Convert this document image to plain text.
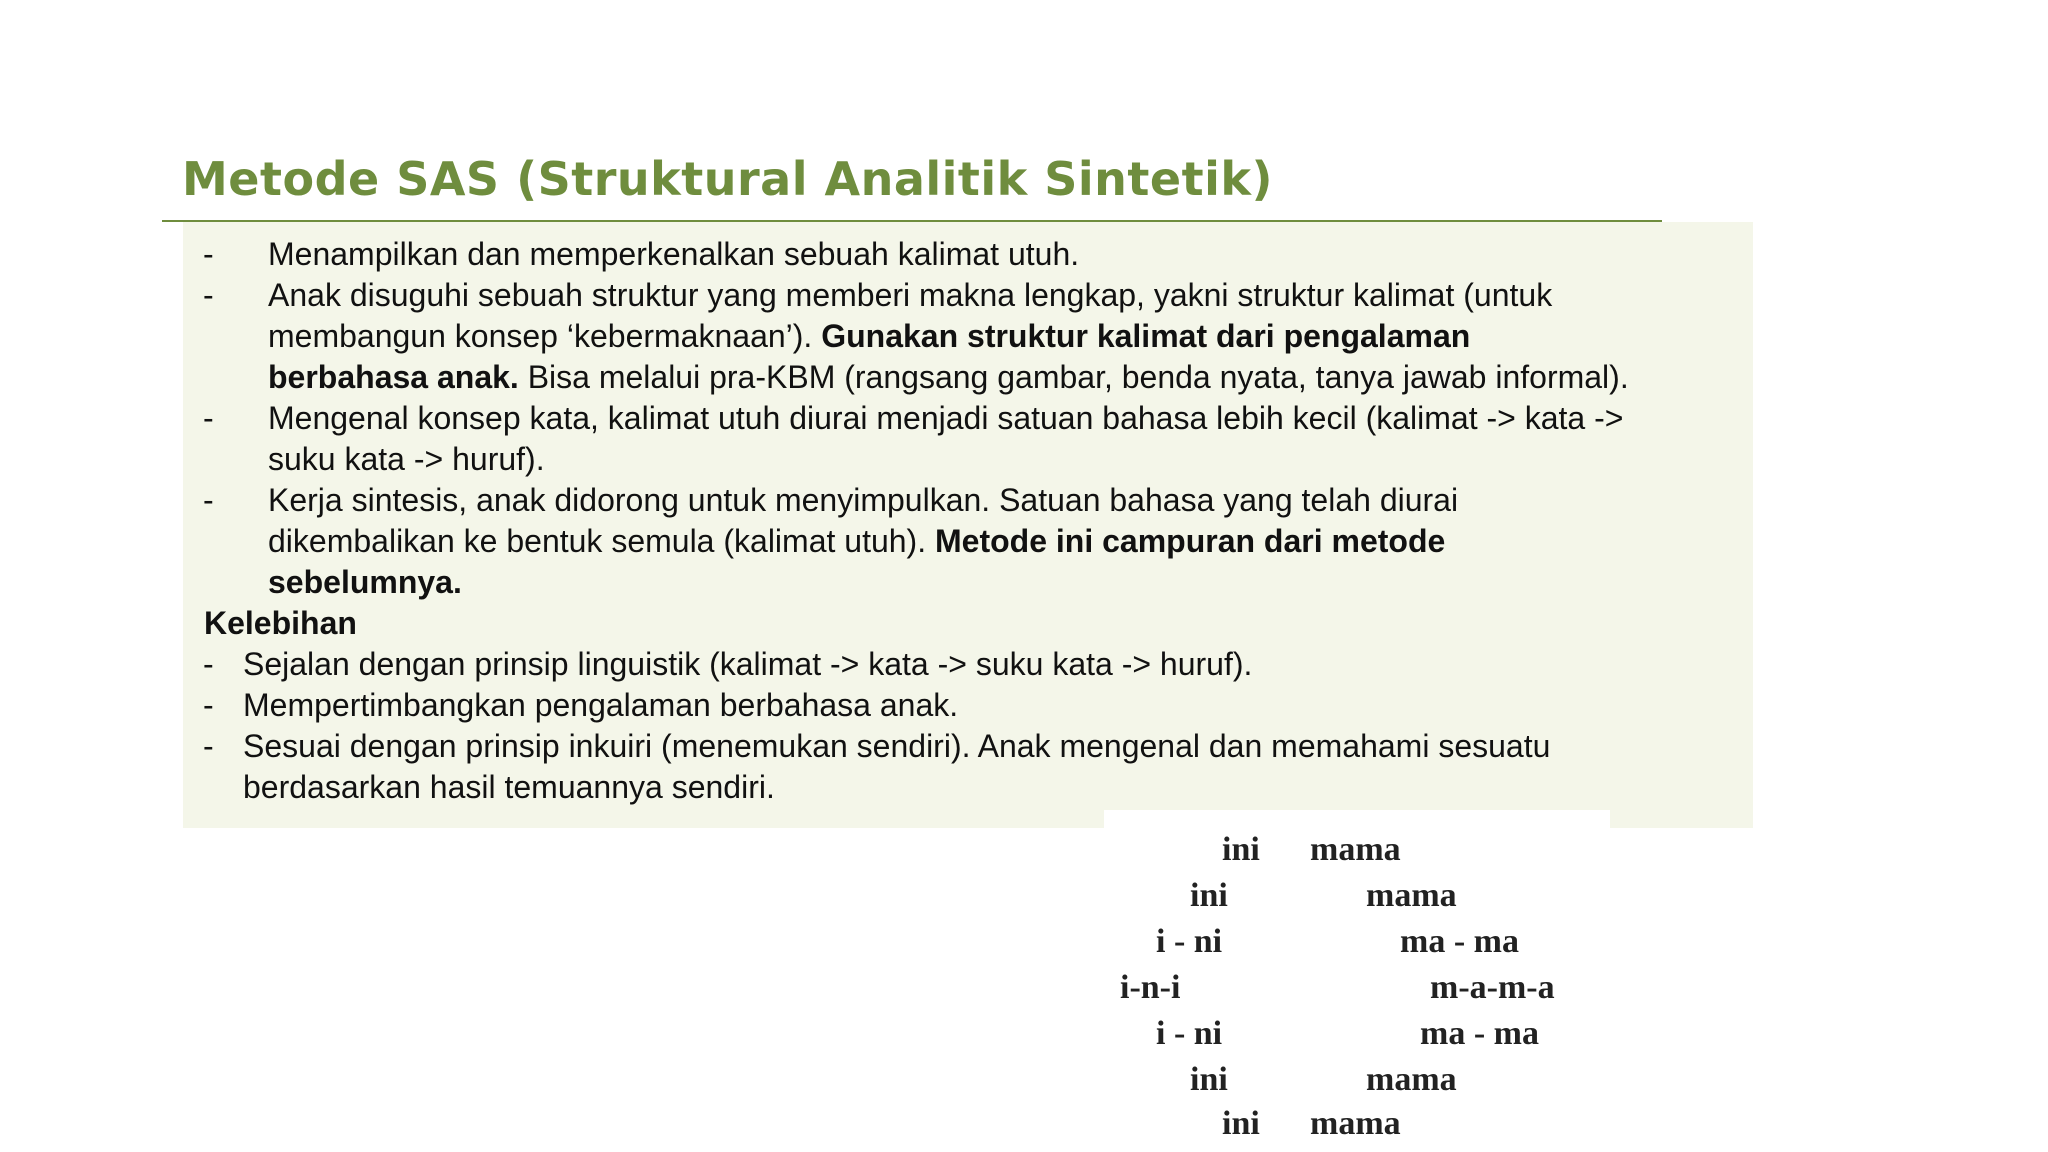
Metode SAS (Struktural Analitik Sintetik)
- Menampilkan dan memperkenalkan sebuah kalimat utuh.
- Anak disuguhi sebuah struktur yang memberi makna lengkap, yakni struktur kalimat (untuk
membangun konsep ‘kebermaknaan’). Gunakan struktur kalimat dari pengalaman
berbahasa anak. Bisa melalui pra-KBM (rangsang gambar, benda nyata, tanya jawab informal).
- Mengenal konsep kata, kalimat utuh diurai menjadi satuan bahasa lebih kecil (kalimat -> kata ->
suku kata -> huruf).
- Kerja sintesis, anak didorong untuk menyimpulkan. Satuan bahasa yang telah diurai
dikembalikan ke bentuk semula (kalimat utuh). Metode ini campuran dari metode
sebelumnya.
Kelebihan
- Sejalan dengan prinsip linguistik (kalimat -> kata -> suku kata -> huruf).
- Mempertimbangkan pengalaman berbahasa anak.
- Sesuai dengan prinsip inkuiri (menemukan sendiri). Anak mengenal dan memahami sesuatu
berdasarkan hasil temuannya sendiri.
ini mama
ini	mama
i - ni	ma - ma
i-n-i	m-a-m-a
i - ni	ma - ma
ini	mama
ini mama
